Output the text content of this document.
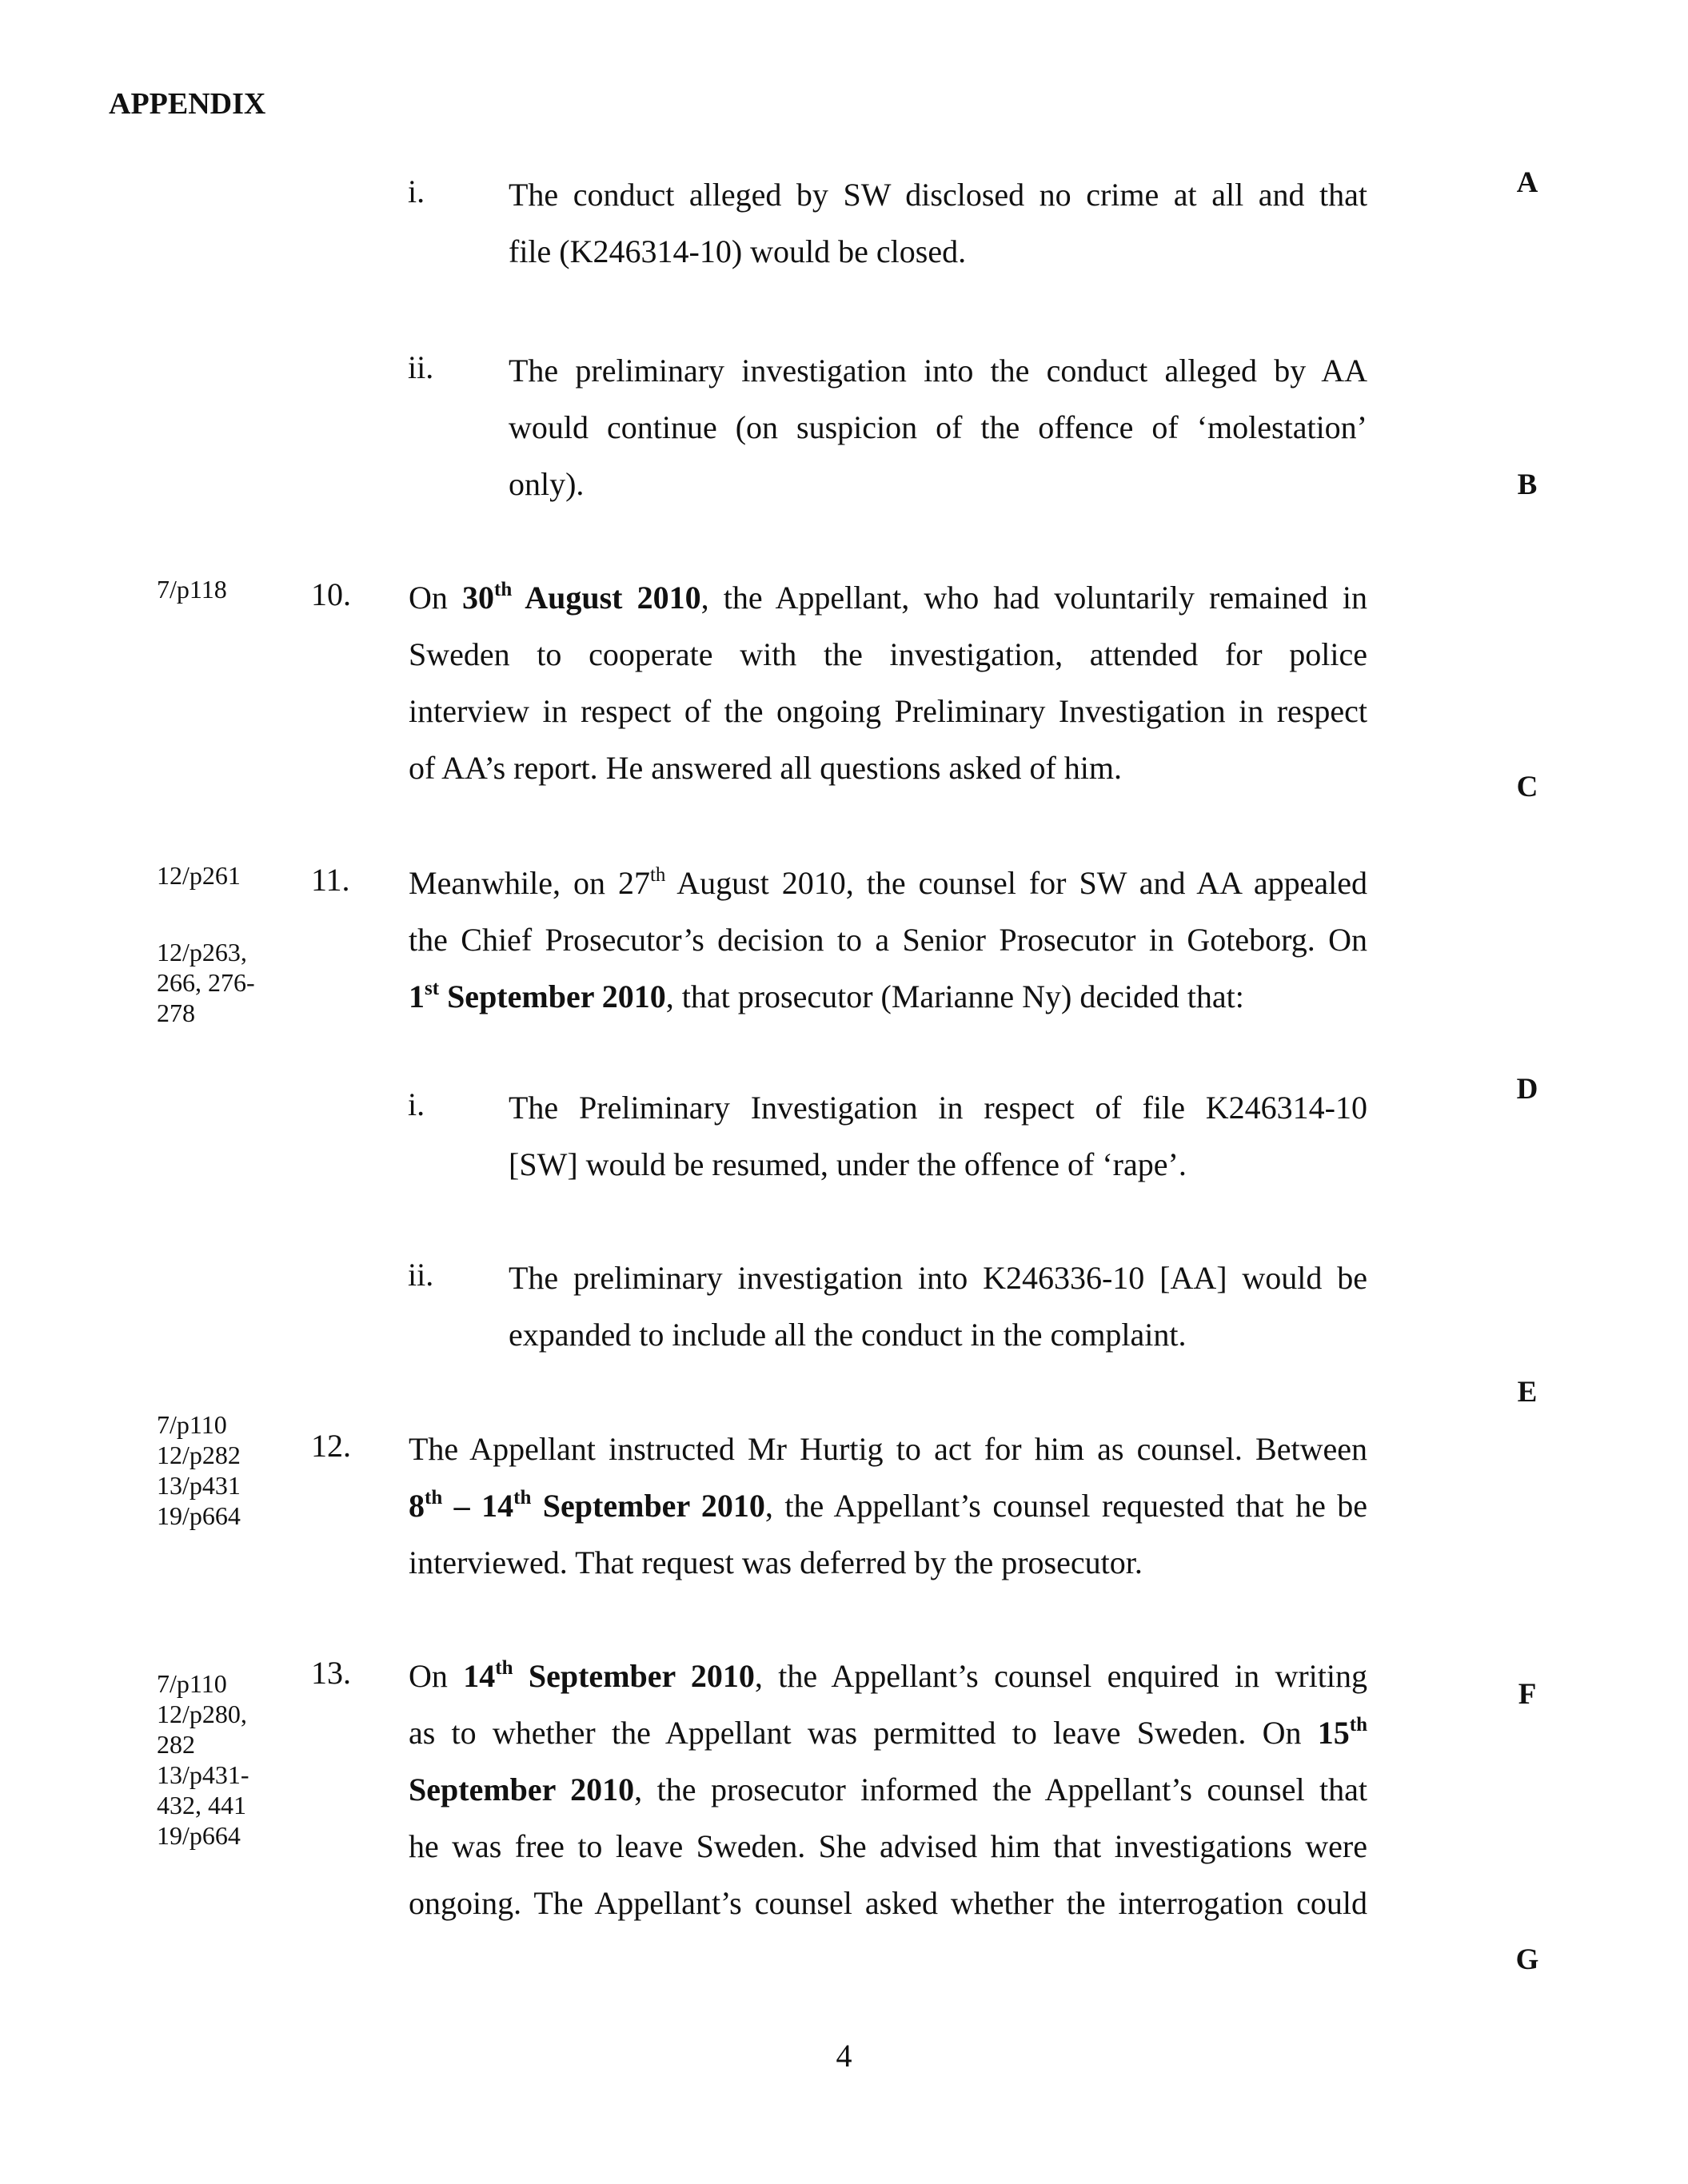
APPENDIX
A
B
C
D
E
F
G
i.	The conduct alleged by SW disclosed no crime at all and that
file (K246314-10) would be closed.
ii. The preliminary investigation into the conduct alleged by AA
would continue (on suspicion of the offence of ‘molestation’
only).
7/p118	10. On 30th August 2010, the Appellant, who had voluntarily remained in
Sweden to cooperate with the investigation, attended for police
interview in respect of the ongoing Preliminary Investigation in respect
of AA’s report. He answered all questions asked of him.
12/p261
12/p263,
266, 276-
278
11. Meanwhile, on 27th August 2010, the counsel for SW and AA appealed
the Chief Prosecutor’s decision to a Senior Prosecutor in Goteborg. On
1st September 2010, that prosecutor (Marianne Ny) decided that:
i.	The Preliminary Investigation in respect of file K246314-10
[SW] would be resumed, under the offence of ‘rape’.
ii. The preliminary investigation into K246336-10 [AA] would be
expanded to include all the conduct in the complaint.
7/p110
12/p282
13/p431
19/p664
12. The Appellant instructed Mr Hurtig to act for him as counsel. Between
8th – 14th September 2010, the Appellant’s counsel requested that he be
interviewed. That request was deferred by the prosecutor.
7/p110
12/p280,
282
13/p431-
432, 441
19/p664
13. On 14th September 2010, the Appellant’s counsel enquired in writing
as to whether the Appellant was permitted to leave Sweden. On 15th
September 2010, the prosecutor informed the Appellant’s counsel that
he was free to leave Sweden. She advised him that investigations were
ongoing. The Appellant’s counsel asked whether the interrogation could
4
